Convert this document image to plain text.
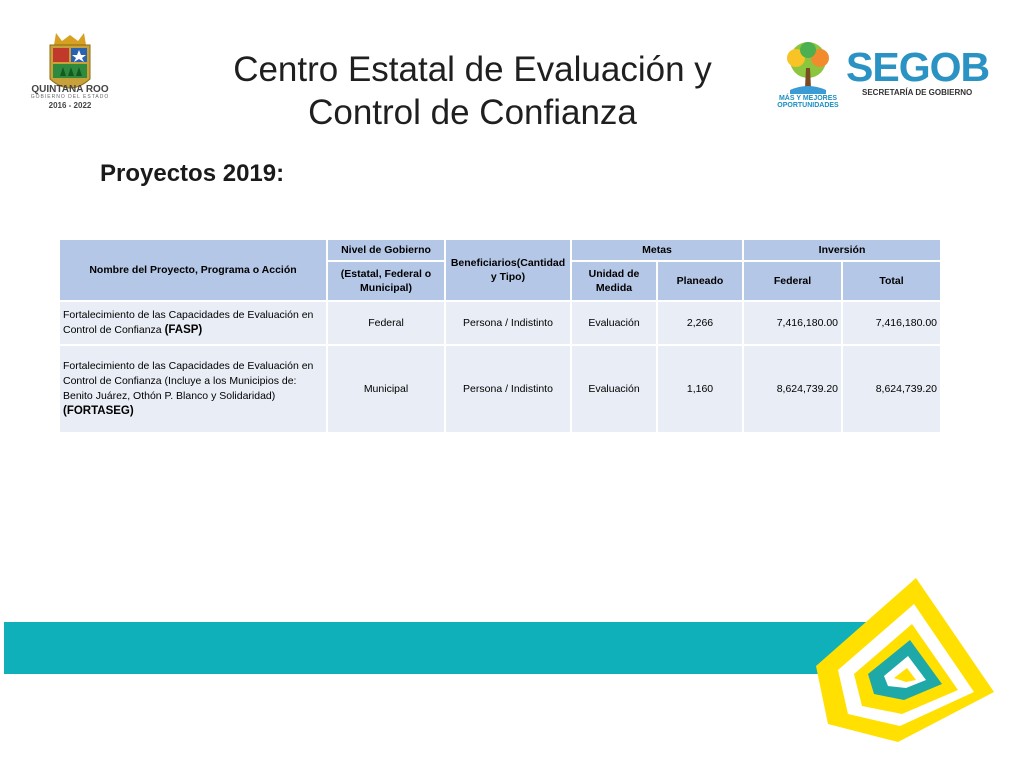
QUINTANA ROO
GOBIERNO DEL ESTADO
2016 - 2022
Centro Estatal de Evaluación y Control de Confianza	MÁS Y MEJORES
OPORTUNIDADES
SEGOB
SECRETARÍA DE GOBIERNO
Proyectos 2019:
Nombre del Proyecto, Programa o Acción	Nivel de Gobierno	Beneficiarios(Cantidad y Tipo)	Metas		Inversión	
	(Estatal, Federal o Municipal)		Unidad de Medida	Planeado	Federal	Total
Fortalecimiento de las Capacidades de Evaluación en Control de Confianza (FASP)	Federal	Persona / Indistinto	Evaluación	2,266	7,416,180.00	7,416,180.00
Fortalecimiento de las Capacidades de Evaluación en Control de Confianza (Incluye a los Municipios de: Benito Juárez, Othón P. Blanco y Solidaridad) (FORTASEG)	Municipal	Persona / Indistinto	Evaluación	1,160	8,624,739.20	8,624,739.20
